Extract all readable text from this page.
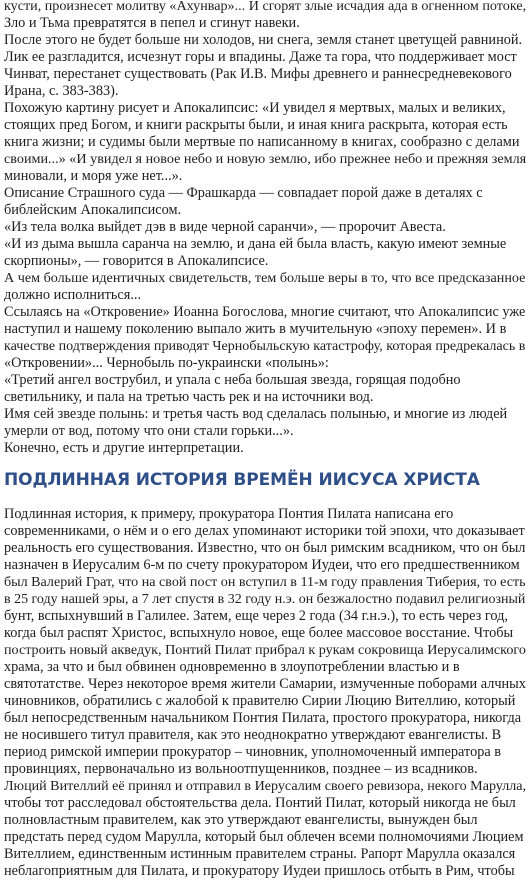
кусти, произнесет молитву «Ахунвар»... И сгорят злые исчадия ада в огненном потоке,
Зло и Тьма превратятся в пепел и сгинут навеки.
После этого не будет больше ни холодов, ни снега, земля станет цветущей равниной.
Лик ее разгладится, исчезнут горы и впадины. Даже та гора, что поддерживает мост
Чинват, перестанет существовать (Рак И.В. Мифы древнего и раннесредневекового
Ирана, с. 383-383).
Похожую картину рисует и Апокалипсис: «И увидел я мертвых, малых и великих,
стоящих пред Богом, и книги раскрыты были, и иная книга раскрыта, которая есть
книга жизни; и судимы были мертвые по написанному в книгах, сообразно с делами
своими...» «И увидел я новое небо и новую землю, ибо прежнее небо и прежняя земля
миновали, и моря уже нет...».
Описание Страшного суда — Фрашкарда — совпадает порой даже в деталях с
библейским Апокалипсисом.
«Из тела волка выйдет дэв в виде черной саранчи», — пророчит Авеста.
«И из дыма вышла саранча на землю, и дана ей была власть, какую имеют земные
скорпионы», — говорится в Апокалипсисе.
А чем больше идентичных свидетельств, тем больше веры в то, что все предсказанное
должно исполниться...
Ссылаясь на «Откровение» Иоанна Богослова, многие считают, что Апокалипсис уже
наступил и нашему поколению выпало жить в мучительную «эпоху перемен». И в
качестве подтверждения приводят Чернобыльскую катастрофу, которая предрекалась в
«Откровении»... Чернобыль по-украински «полынь»:
«Третий ангел вострубил, и упала с неба большая звезда, горящая подобно
светильнику, и пала на третью часть рек и на источники вод.
Имя сей звезде полынь: и третья часть вод сделалась полынью, и многие из людей
умерли от вод, потому что они стали горьки...».
Конечно, есть и другие интерпретации.
ПОДЛИННАЯ ИСТОРИЯ ВРЕМЁН ИИСУСА ХРИСТА
Подлинная история, к примеру, прокуратора Понтия Пилата написана его
современниками, о нём и о его делах упоминают историки той эпохи, что доказывает
реальность его существования. Известно, что он был римским всадником, что он был
назначен в Иерусалим 6-м по счету прокуратором Иудеи, что его предшественником
был Валерий Грат, что на свой пост он вступил в 11-м году правления Тиберия, то есть
в 25 году нашей эры, а 7 лет спустя в 32 году н.э. он безжалостно подавил религиозный
бунт, вспыхнувший в Галилее. Затем, еще через 2 года (34 г.н.э.), то есть через год,
когда был распят Христос, вспыхнуло новое, еще более массовое восстание. Чтобы
построить новый акведук, Понтий Пилат прибрал к рукам сокровища Иерусалимского
храма, за что и был обвинен одновременно в злоупотреблении властью и в
святотатстве. Через некоторое время жители Самарии, измученные поборами алчных
чиновников, обратились с жалобой к правителю Сирии Люцию Вителлию, который
был непосредственным начальником Понтия Пилата, простого прокуратора, никогда
не носившего титул правителя, как это неоднократно утверждают евангелисты. В
период римской империи прокуратор – чиновник, уполномоченный императора в
провинциях, первоначально из вольноотпущенников, позднее – из всадников.
Люций Вителлий её принял и отправил в Иерусалим своего ревизора, некого Марулла,
чтобы тот расследовал обстоятельства дела. Понтий Пилат, который никогда не был
полновластным правителем, как это утверждают евангелисты, вынужден был
предстать перед судом Марулла, который был облечен всеми полномочиями Люцием
Вителлием, единственным истинным правителем страны. Рапорт Марулла оказался
неблагоприятным для Пилата, и прокуратору Иудеи пришлось отбыть в Рим, чтобы
